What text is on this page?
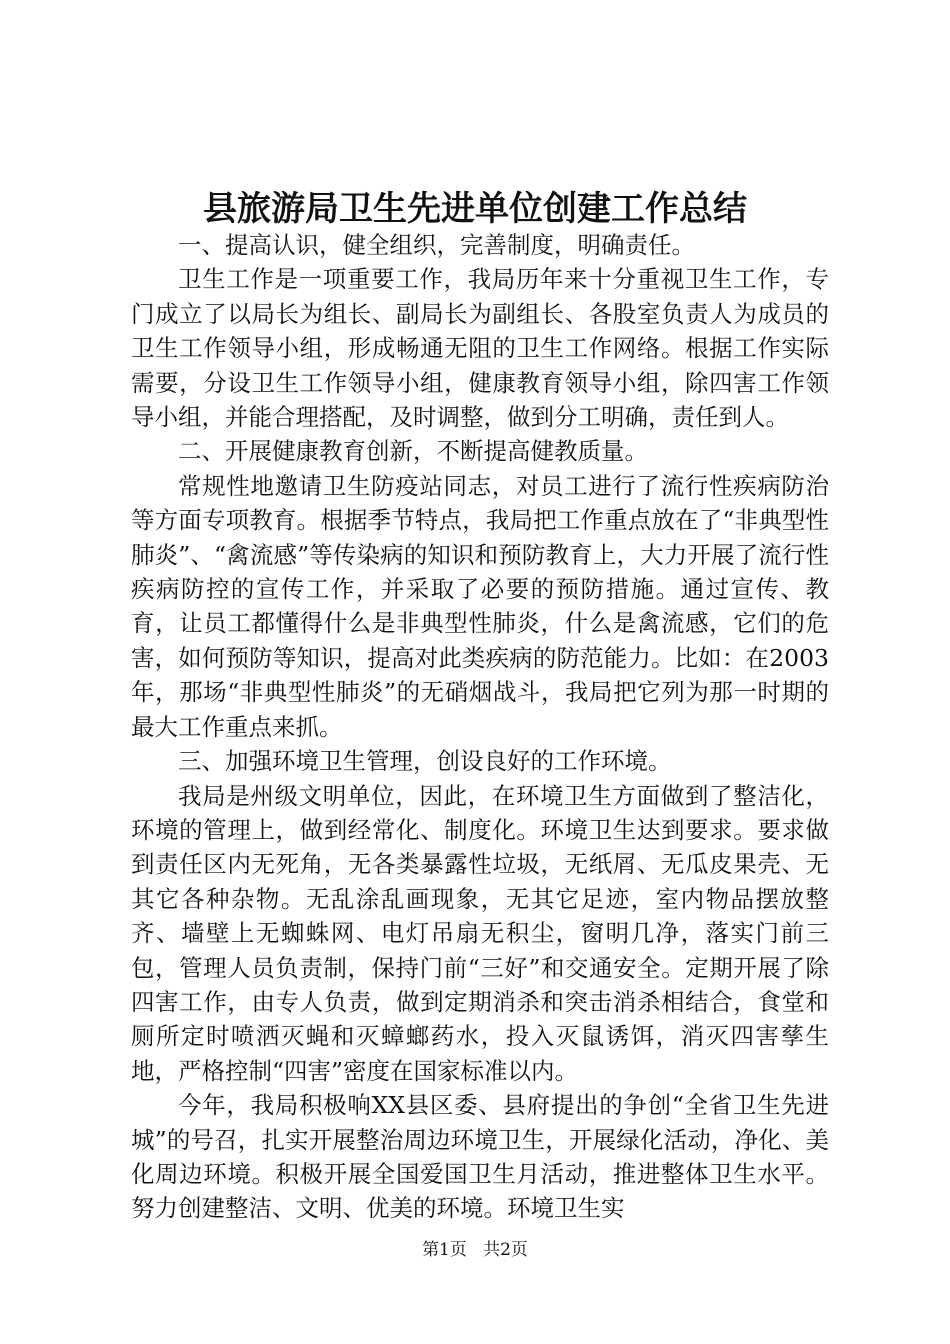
县旅游局卫生先进单位创建工作总结

一、提高认识，健全组织，完善制度，明确责任。

卫生工作是一项重要工作，我局历年来十分重视卫生工作，专门成立了以局长为组长、副局长为副组长、各股室负责人为成员的卫生工作领导小组，形成畅通无阻的卫生工作网络。根据工作实际需要，分设卫生工作领导小组，健康教育领导小组，除四害工作领导小组，并能合理搭配，及时调整，做到分工明确，责任到人。

二、开展健康教育创新，不断提高健教质量。

常规性地邀请卫生防疫站同志，对员工进行了流行性疾病防治等方面专项教育。根据季节特点，我局把工作重点放在了“非典型性肺炎”、“禽流感”等传染病的知识和预防教育上，大力开展了流行性疾病防控的宣传工作，并采取了必要的预防措施。通过宣传、教育，让员工都懂得什么是非典型性肺炎，什么是禽流感，它们的危害，如何预防等知识，提高对此类疾病的防范能力。比如：在2003年，那场“非典型性肺炎”的无硝烟战斗，我局把它列为那一时期的最大工作重点来抓。

三、加强环境卫生管理，创设良好的工作环境。

我局是州级文明单位，因此，在环境卫生方面做到了整洁化，环境的管理上，做到经常化、制度化。环境卫生达到要求。要求做到责任区内无死角，无各类暴露性垃圾，无纸屑、无瓜皮果壳、无其它各种杂物。无乱涂乱画现象，无其它足迹，室内物品摆放整齐、墙壁上无蜘蛛网、电灯吊扇无积尘，窗明几净，落实门前三包，管理人员负责制，保持门前“三好”和交通安全。定期开展了除四害工作，由专人负责，做到定期消杀和突击消杀相结合，食堂和厕所定时喷洒灭蝇和灭蟑螂药水，投入灭鼠诱饵，消灭四害孳生地，严格控制“四害”密度在国家标准以内。

今年，我局积极响XX县区委、县府提出的争创“全省卫生先进城”的号召，扎实开展整治周边环境卫生，开展绿化活动，净化、美化周边环境。积极开展全国爱国卫生月活动，推进整体卫生水平。努力创建整洁、文明、优美的环境。环境卫生实

第1页 共2页
